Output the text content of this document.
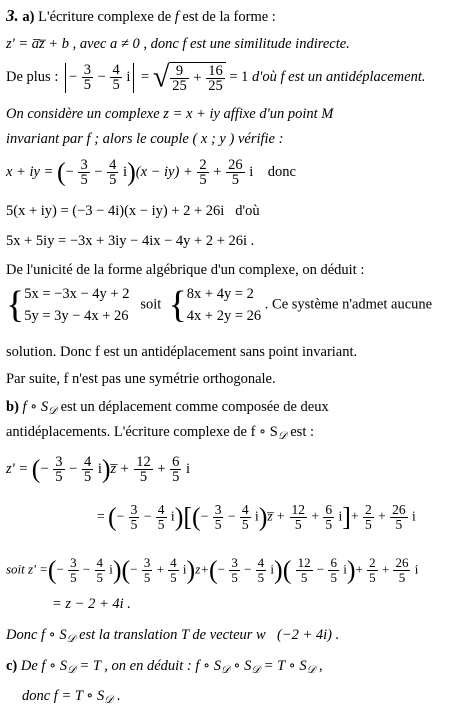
3. a) L'écriture complexe de f est de la forme :
z' = a̅z̅ + b , avec a ≠ 0 , donc f est une similitude indirecte.
De plus : − $\frac{3}{5} - \frac{4}{5}$ i = √ $\frac{9}{25} + \frac{16}{25} = 1$ d'où f est un antidéplacement.
On considère un complexe z = x + iy affixe d'un point M
invariant par f ; alors le couple ( x ; y ) vérifie :
x + iy = (− $\frac{3}{5} - \frac{4}{5} i)(x - iy) + \frac{2}{5} + \frac{26}{5}$ i donc
5(x + iy) = (−3 − 4i)(x − iy) + 2 + 26i d'où
5x + 5iy = −3x + 3iy − 4ix − 4y + 2 + 26i .
De l'unicité de la forme algébrique d'un complexe, on déduit :
{5x = −3x − 4y + 2
5y = 3y − 4x + 26   soit {8x + 4y = 2
4x + 2y = 26 . Ce système n'admet aucune
solution. Donc f est un antidéplacement sans point invariant.
Par suite, f n'est pas une symétrie orthogonale.
b) f ∘ $S_𝒟$ est un déplacement comme composée de deux
antidéplacements. L'écriture complexe de f ∘ $S_𝒟$ est :
z' = (− $\frac{3}{5} - \frac{4}{5}$ i)z̅ + $\frac{12}{5} + \frac{6}{5}$ i
= (− $\frac{3}{5} - \frac{4}{5} i)[(- \frac{3}{5} - \frac{4}{5}$ i)z̅ + $\frac{12}{5} + \frac{6}{5} i]+ \frac{2}{5} + \frac{26}{5}$ i
soit z' =(− $\frac{3}{5} - \frac{4}{5} i)(- \frac{3}{5} + \frac{4}{5} i)z+(- \frac{3}{5} - \frac{4}{5} i)( \frac{12}{5} - \frac{6}{5} i)+ \frac{2}{5} + \frac{26}{5}$ i
= z − 2 + 4i .
Donc f ∘ $S_𝒟$ est la translation T de vecteur w⃗(−2 + 4i) .
c) De f ∘ $S_𝒟 = T$ , on en déduit : f ∘ $S_𝒟$ ∘ $S_𝒟 = T$ ∘ $S_𝒟$ ,
donc f = T ∘ $S_𝒟$ .
